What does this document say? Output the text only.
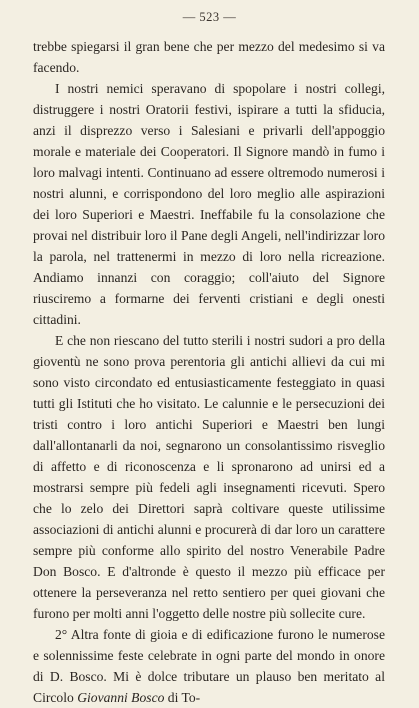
— 523 —

trebbe spiegarsi il gran bene che per mezzo del medesimo si va facendo.

I nostri nemici speravano di spopolare i nostri collegi, distruggere i nostri Oratorii festivi, ispirare a tutti la sfiducia, anzi il disprezzo verso i Salesiani e privarli dell'appoggio morale e materiale dei Cooperatori. Il Signore mandò in fumo i loro malvagi intenti. Continuano ad essere oltremodo numerosi i nostri alunni, e corrispondono del loro meglio alle aspirazioni dei loro Superiori e Maestri. Ineffabile fu la consolazione che provai nel distribuir loro il Pane degli Angeli, nell'indirizzar loro la parola, nel trattenermi in mezzo di loro nella ricreazione. Andiamo innanzi con coraggio; coll'aiuto del Signore riusciremo a formarne dei ferventi cristiani e degli onesti cittadini.

E che non riescano del tutto sterili i nostri sudori a pro della gioventù ne sono prova perentoria gli antichi allievi da cui mi sono visto circondato ed entusiasticamente festeggiato in quasi tutti gli Istituti che ho visitato. Le calunnie e le persecuzioni dei tristi contro i loro antichi Superiori e Maestri ben lungi dall'allontanarli da noi, segnarono un consolantissimo risveglio di affetto e di riconoscenza e li spronarono ad unirsi ed a mostrarsi sempre più fedeli agli insegnamenti ricevuti. Spero che lo zelo dei Direttori saprà coltivare queste utilissime associazioni di antichi alunni e procurerà di dar loro un carattere sempre più conforme allo spirito del nostro Venerabile Padre Don Bosco. E d'altronde è questo il mezzo più efficace per ottenere la perseveranza nel retto sentiero per quei giovani che furono per molti anni l'oggetto delle nostre più sollecite cure.

2° Altra fonte di gioia e di edificazione furono le numerose e solennissime feste celebrate in ogni parte del mondo in onore di D. Bosco. Mi è dolce tributare un plauso ben meritato al Circolo Giovanni Bosco di To-
